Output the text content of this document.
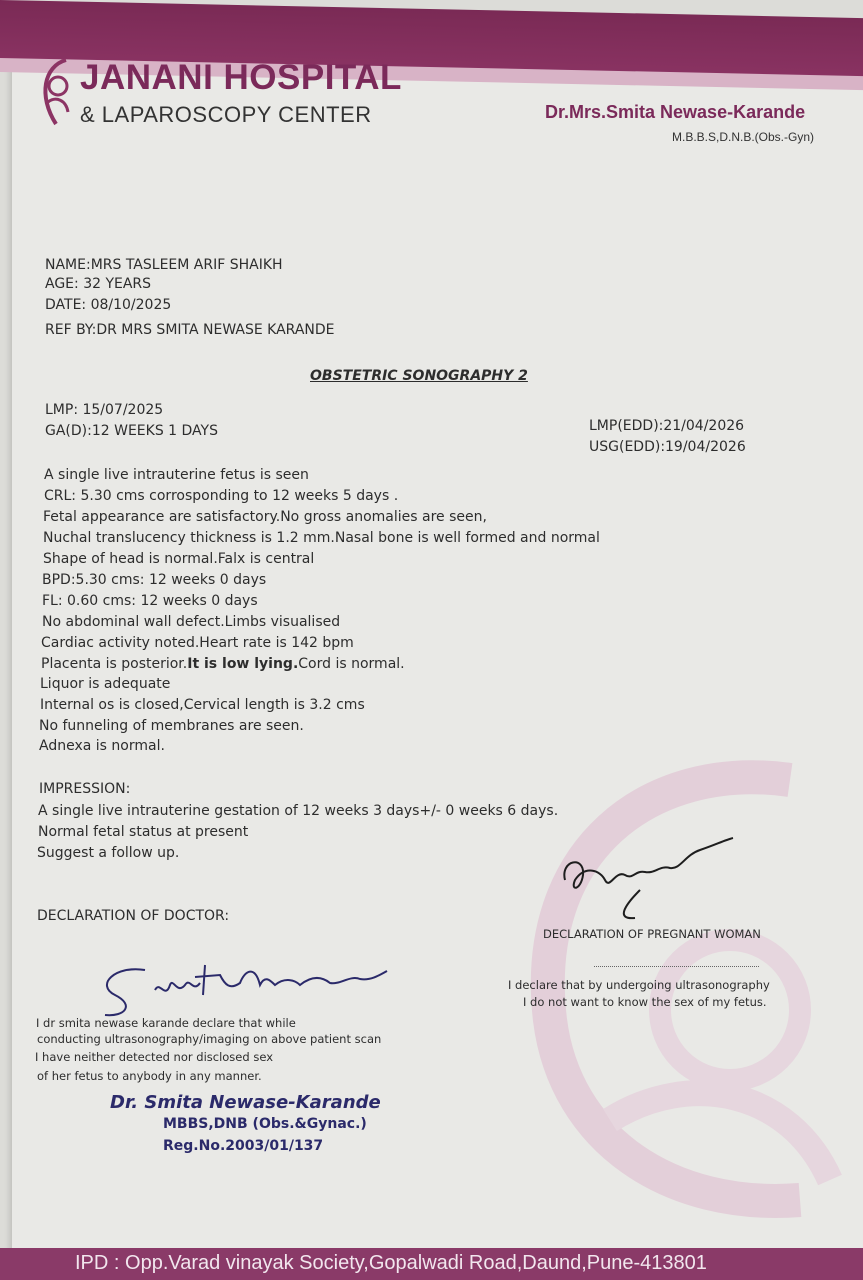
JANANI HOSPITAL
& LAPAROSCOPY CENTER	Dr.Mrs.Smita Newase-Karande
M.B.B.S,D.N.B.(Obs.-Gyn)
NAME:MRS TASLEEM ARIF SHAIKH
AGE: 32 YEARS
DATE: 08/10/2025
REF BY:DR MRS SMITA NEWASE KARANDE
OBSTETRIC SONOGRAPHY 2
LMP: 15/07/2025
GA(D):12 WEEKS 1 DAYS	LMP(EDD):21/04/2026
USG(EDD):19/04/2026
A single live intrauterine fetus is seen
CRL: 5.30 cms corrosponding to 12 weeks 5 days .
Fetal appearance are satisfactory.No gross anomalies are seen,
Nuchal translucency thickness is 1.2 mm.Nasal bone is well formed and normal
Shape of head is normal.Falx is central
BPD:5.30 cms: 12 weeks 0 days
FL: 0.60 cms: 12 weeks 0 days
No abdominal wall defect.Limbs visualised
Cardiac activity noted.Heart rate is 142 bpm
Placenta is posterior.It is low lying.Cord is normal.
Liquor is adequate
Internal os is closed,Cervical length is 3.2 cms
No funneling of membranes are seen.
Adnexa is normal.
IMPRESSION:
A single live intrauterine gestation of 12 weeks 3 days+/- 0 weeks 6 days.
Normal fetal status at present
Suggest a follow up.
DECLARATION OF PREGNANT WOMAN
I declare that by undergoing ultrasonography
I do not want to know the sex of my fetus.
DECLARATION OF DOCTOR:
I dr smita newase karande declare that while
conducting ultrasonography/imaging on above patient scan
I have neither detected nor disclosed sex
of her fetus to anybody in any manner.
Dr. Smita Newase-Karande
MBBS,DNB (Obs.&Gynac.)
Reg.No.2003/01/137
IPD : Opp.Varad vinayak Society,Gopalwadi Road,Daund,Pune-413801
